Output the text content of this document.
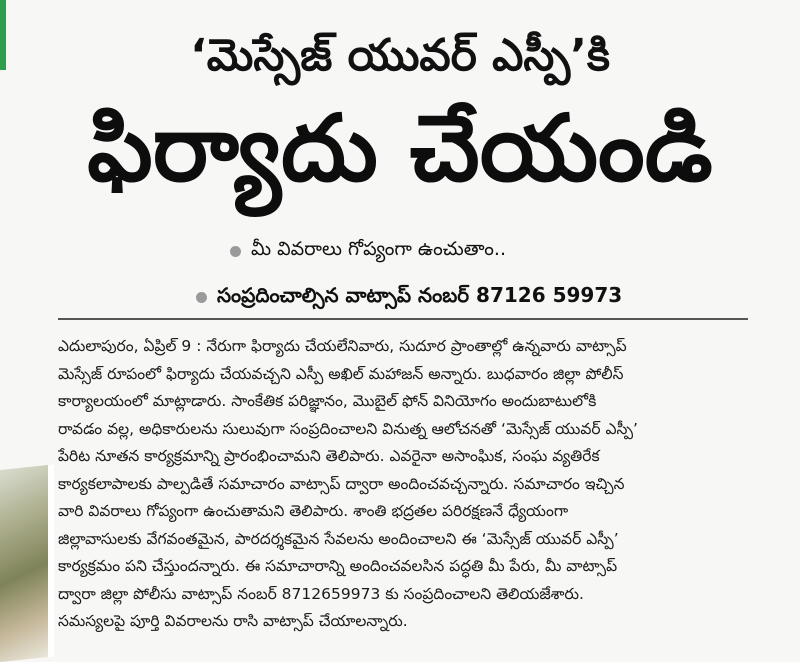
‘మెస్సేజ్ యువర్ ఎస్పీ’కి
ఫిర్యాదు చేయండి
మీ వివరాలు గోప్యంగా ఉంచుతాం..
సంప్రదించాల్సిన వాట్సాప్ నంబర్ 87126 59973
ఎదులాపురం, ఏప్రిల్ 9 : నేరుగా ఫిర్యాదు చేయలేనివారు, సుదూర ప్రాంతాల్లో ఉన్నవారు వాట్సాప్
మెస్సేజ్ రూపంలో ఫిర్యాదు చేయవచ్చని ఎస్పీ అఖిల్ మహాజన్ అన్నారు. బుధవారం జిల్లా పోలీస్
కార్యాలయంలో మాట్లాడారు. సాంకేతిక పరిజ్ఞానం, మొబైల్ ఫోన్ వినియోగం అందుబాటులోకి
రావడం వల్ల, అధికారులను సులువుగా సంప్రదించాలని వినుత్న ఆలోచనతో ‘మెస్సేజ్ యువర్ ఎస్పీ’
పేరిట నూతన కార్యక్రమాన్ని ప్రారంభించామని తెలిపారు. ఎవరైనా అసాంఘిక, సంఘ వ్యతిరేక
కార్యకలాపాలకు పాల్పడితే సమాచారం వాట్సాప్ ద్వారా అందించవచ్చన్నారు. సమాచారం ఇచ్చిన
వారి వివరాలు గోప్యంగా ఉంచుతామని తెలిపారు. శాంతి భద్రతల పరిరక్షణనే ధ్యేయంగా
జిల్లావాసులకు వేగవంతమైన, పారదర్శకమైన సేవలను అందించాలని ఈ ‘మెస్సేజ్ యువర్ ఎస్పీ’
కార్యక్రమం పని చేస్తుందన్నారు. ఈ సమాచారాన్ని అందించవలసిన పద్ధతి మీ పేరు, మీ వాట్సాప్
ద్వారా జిల్లా పోలీసు వాట్సాప్ నంబర్ 8712659973 కు సంప్రదించాలని తెలియజేశారు.
సమస్యలపై పూర్తి వివరాలను రాసి వాట్సాప్ చేయాలన్నారు.
